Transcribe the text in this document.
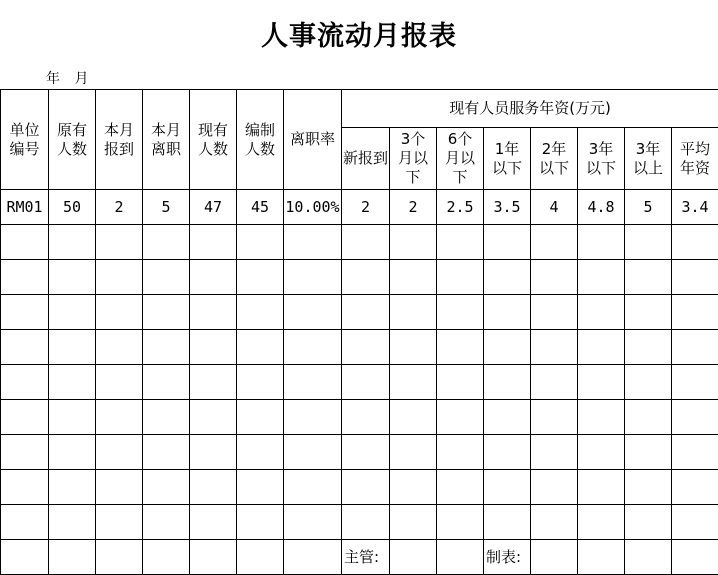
人事流动月报表
年 月
单位编号	原有人数	本月报到	本月离职	现有人数	编制人数	离职率	现有人员服务年资(万元)							
							新报到	3个月以下	6个月以下	1年以下	2年以下	3年以下	3年以上	平均年资
RM01	50	2	5	47	45	10.00%	2	2	2.5	3.5	4	4.8	5	3.4

							主管:			制表:				
